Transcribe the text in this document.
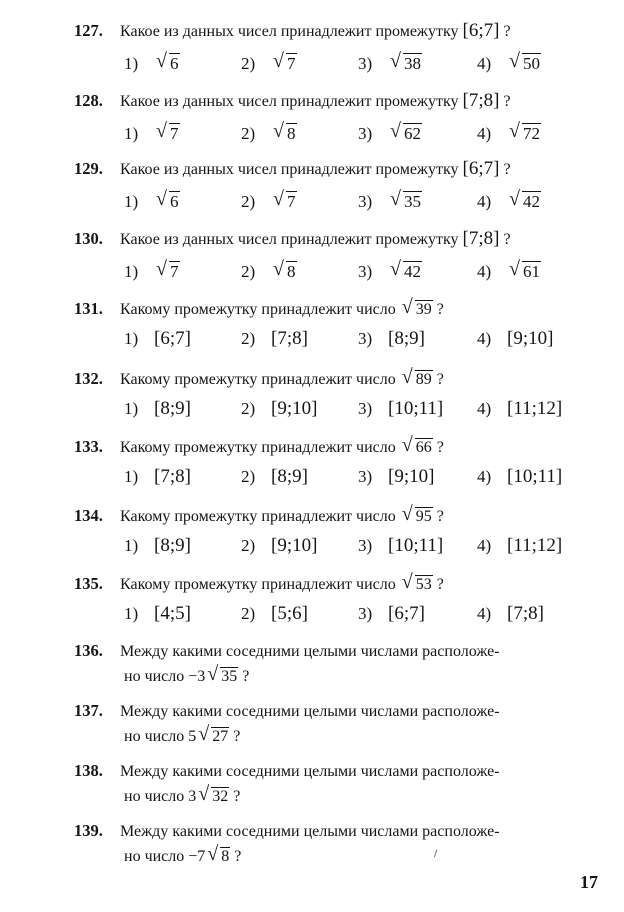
127. Какое из данных чисел принадлежит промежутку [6;7] ?
1) √ 6	2) √ 7	3) √ 38	4) √ 50
128. Какое из данных чисел принадлежит промежутку [7;8] ?
1) √ 7	2) √ 8	3) √ 62	4) √ 72
129. Какое из данных чисел принадлежит промежутку [6;7] ?
1) √ 6	2) √ 7	3) √ 35	4) √ 42
130. Какое из данных чисел принадлежит промежутку [7;8] ?
1) √ 7	2) √ 8	3) √ 42	4) √ 61
131. Какому промежутку принадлежит число √ 39 ?
1) [6;7]	2) [7;8]	3) [8;9]	4) [9;10]
132. Какому промежутку принадлежит число √ 89 ?
1) [8;9]	2) [9;10] 3) [10;11] 4) [11;12]
133. Какому промежутку принадлежит число √ 66 ?
1) [7;8]	2) [8;9]	3) [9;10]	4) [10;11]
134. Какому промежутку принадлежит число √ 95 ?
1) [8;9]	2) [9;10] 3) [10;11] 4) [11;12]
135. Какому промежутку принадлежит число √ 53 ?
1) [4;5]	2) [5;6]	3) [6;7]	4) [7;8]
136. Между какими соседними целыми числами расположе-
но число −3 √ 35 ?
137. Между какими соседними целыми числами расположе-
но число 5 √ 27 ?
138. Между какими соседними целыми числами расположе-
но число 3 √ 32 ?
139. Между какими соседними целыми числами расположе-
но число −7 √ 8 ?
17
